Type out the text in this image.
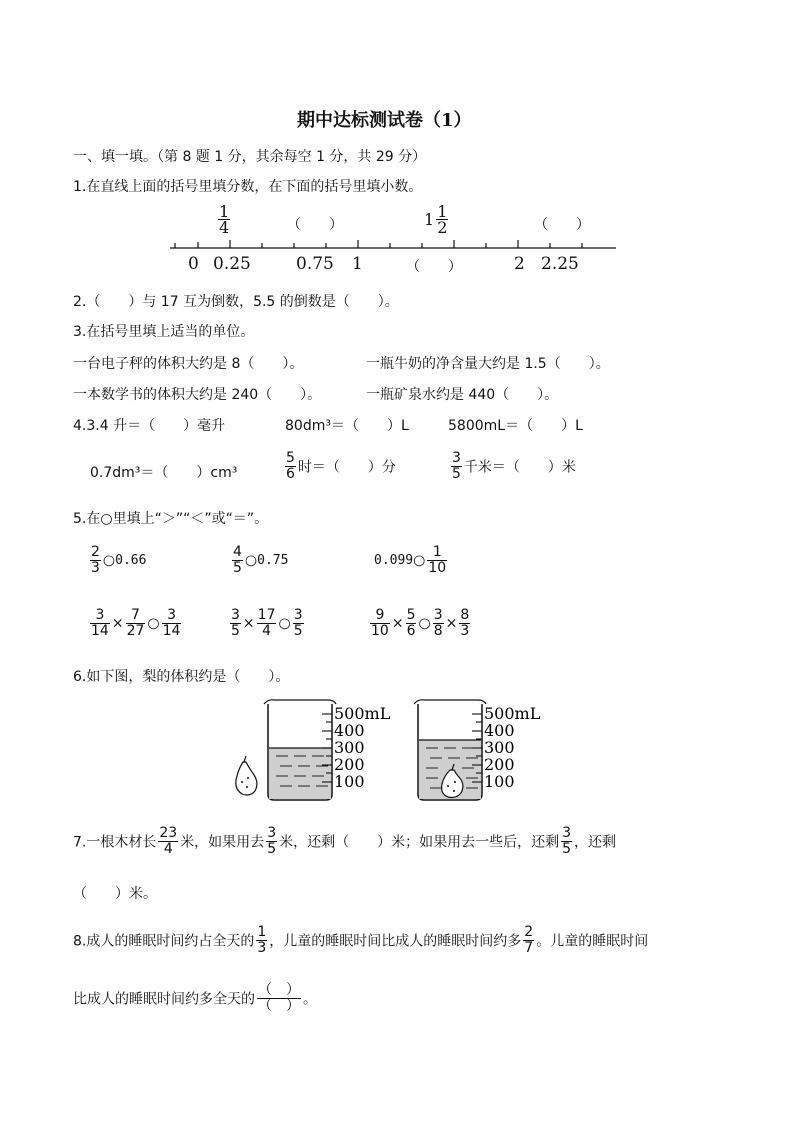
期中达标测试卷（1）
一、填一填。（第 8 题 1 分，其余每空 1 分，共 29 分）
1.在直线上面的括号里填分数，在下面的括号里填小数。
$\frac{1}{4}$	（　　）	$1 \frac{1}{2}$	（　　）
0 0.25	0.75 1	（　　）	2 2.25
2.（　　）与 17 互为倒数，5.5 的倒数是（　　）。
3.在括号里填上适当的单位。
一台电子秤的体积大约是 8（　　）。	一瓶牛奶的净含量大约是 1.5（　　）。
一本数学书的体积大约是 240（　　）。	一瓶矿泉水约是 440（　　）。
4.3.4 升＝（　　）毫升	80dm³＝（　　）L	5800mL＝（　　）L
0.7dm³＝（　　）cm³	$\frac{5}{6}$ 时＝（　　）分	$\frac{3}{5}$ 千米＝（　　）米
5.在○里填上“＞”“＜”或“＝”。
$\frac{2}{3}$ ○0.66	$\frac{4}{5}$ ○0.75	0.099○ $\frac{1}{10}$
$\frac{3}{14} \times \frac{7}{27}$ ○ $\frac{3}{14}$	$\frac{3}{5} \times \frac{17}{4}$ ○ $\frac{3}{5}$	$\frac{9}{10} \times \frac{5}{6}$ ○ $\frac{3}{8} \times \frac{8}{3}$
6.如下图，梨的体积约是（　　）。
500mL
400
300
200
100
500mL
400
300
200
100
7.一根木材长 $\frac{23}{4}$ 米，如果用去 $\frac{3}{5}$ 米，还剩（　　）米；如果用去一些后，还剩 $\frac{3}{5}$ ，还剩
（　　）米。
8.成人的睡眠时间约占全天的 $\frac{1}{3}$ ，儿童的睡眠时间比成人的睡眠时间约多 $\frac{2}{7}$ 。儿童的睡眠时间
比成人的睡眠时间约多全天的 $\frac{( )}{( )}$ 。
